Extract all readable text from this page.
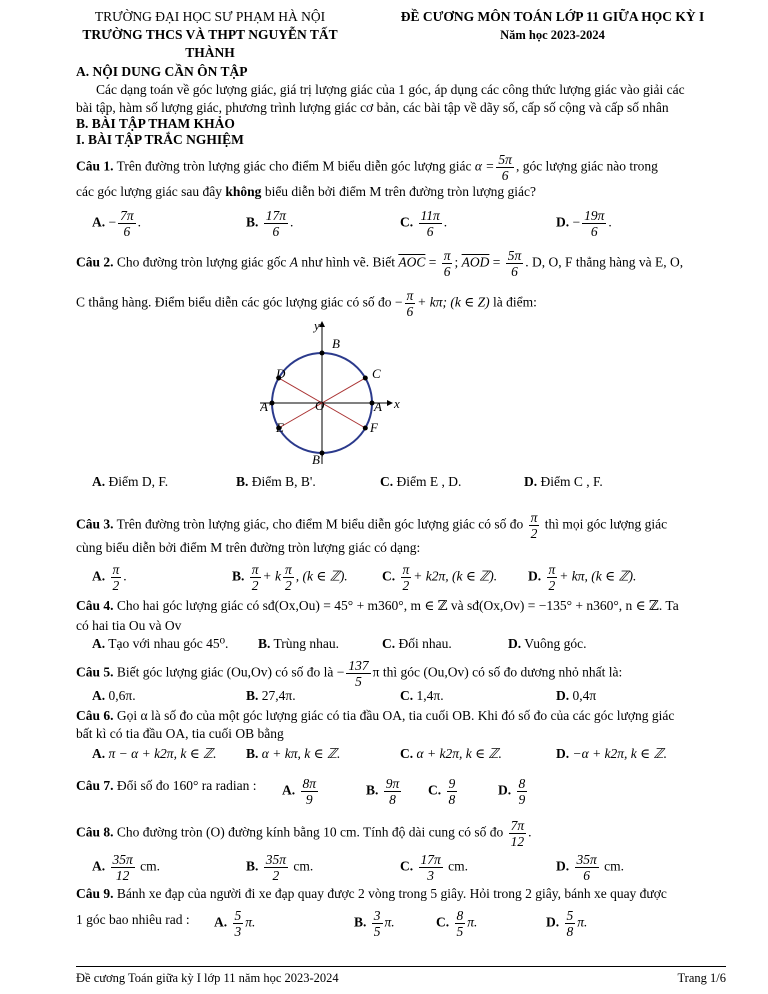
TRƯỜNG ĐẠI HỌC SƯ PHẠM HÀ NỘI
TRƯỜNG THCS VÀ THPT NGUYỄN TẤT THÀNH
ĐỀ CƯƠNG MÔN TOÁN LỚP 11 GIỮA HỌC KỲ I
Năm học 2023-2024
A. NỘI DUNG CẦN ÔN TẬP
Các dạng toán về góc lượng giác, giá trị lượng giác của 1 góc, áp dụng các công thức lượng giác vào giải các
bài tập, hàm số lượng giác, phương trình lượng giác cơ bản, các bài tập về dãy số, cấp số cộng và cấp số nhân
B. BÀI TẬP THAM KHẢO
I. BÀI TẬP TRẮC NGHIỆM
Câu 1. Trên đường tròn lượng giác cho điểm M biểu diễn góc lượng giác $\alpha = \frac{5\pi}{6}$ , góc lượng giác nào trong
các góc lượng giác sau đây không biểu diễn bởi điểm M trên đường tròn lượng giác?
A. − $\frac{7\pi}{6}$ .	B. $\frac{17\pi}{6}$ .	C. $\frac{11\pi}{6}$ .	D. − $\frac{19\pi}{6}$ .
Câu 2. Cho đường tròn lượng giác gốc A như hình vẽ. Biết $\overline{AOC} = \frac{\pi}{6}$ ; $\overline{AOD} = \frac{5\pi}{6}$ . D, O, F thẳng hàng và E, O,
C thẳng hàng. Điểm biểu diễn các góc lượng giác có số đo − $\frac{\pi}{6} + k\pi$; (k ∈ Z) là điểm:
y
x
B
B′
C
D
A
A′	O
E	F
A. Điểm D, F.	B. Điểm B, B'.	C. Điểm E , D.	D. Điểm C , F.
Câu 3. Trên đường tròn lượng giác, cho điểm M biểu diễn góc lượng giác có số đo $\frac{\pi}{2}$ thì mọi góc lượng giác
cùng biểu diễn bởi điểm M trên đường tròn lượng giác có dạng:
A. $\frac{\pi}{2}$ .	B. $\frac{\pi}{2} + k \frac{\pi}{2}$ , (k ∈ ℤ).	C. $\frac{\pi}{2} + k2\pi$, (k ∈ ℤ). D. $\frac{\pi}{2} + k\pi$, (k ∈ ℤ).
Câu 4. Cho hai góc lượng giác có sđ(Ox,Ou) = 45° + m360°, m ∈ ℤ và sđ(Ox,Ov) = −135° + n360°, n ∈ ℤ. Ta
có hai tia Ou và Ov
A. Tạo với nhau góc 45⁰. B. Trùng nhau.	C. Đối nhau.	D. Vuông góc.
Câu 5. Biết góc lượng giác (Ou,Ov) có số đo là − $\frac{137}{5}$ π thì góc (Ou,Ov) có số đo dương nhỏ nhất là:
A. 0,6π.	B. 27,4π.	C. 1,4π.	D. 0,4π
Câu 6. Gọi α là số đo của một góc lượng giác có tia đầu OA, tia cuối OB. Khi đó số đo của các góc lượng giác
bất kì có tia đầu OA, tia cuối OB bằng
A. π − α + k2π, k ∈ ℤ. B. α + kπ, k ∈ ℤ.	C. α + k2π, k ∈ ℤ.	D. −α + k2π, k ∈ ℤ.
Câu 7. Đổi số đo 160° ra radian :	A. $\frac{8\pi}{9}$	B. $\frac{9\pi}{8} C$. $\frac{9}{8}$	D. $\frac{8}{9}$
Câu 8. Cho đường tròn (O) đường kính bằng 10 cm. Tính độ dài cung có số đo $\frac{7\pi}{12}$ .
A. $\frac{35\pi}{12}$ cm.	B. $\frac{35\pi}{2}$ cm.	C. $\frac{17\pi}{3}$ cm.	D. $\frac{35\pi}{6}$ cm.
Câu 9. Bánh xe đạp của người đi xe đạp quay được 2 vòng trong 5 giây. Hỏi trong 2 giây, bánh xe quay được
1 góc bao nhiêu rad :	A. $\frac{5}{3} \pi$.	B. $\frac{3}{5} \pi$.	C. $\frac{8}{5} \pi$.	D. $\frac{5}{8} \pi$.
Đề cương Toán giữa kỳ I lớp 11 năm học 2023-2024	Trang 1/6
